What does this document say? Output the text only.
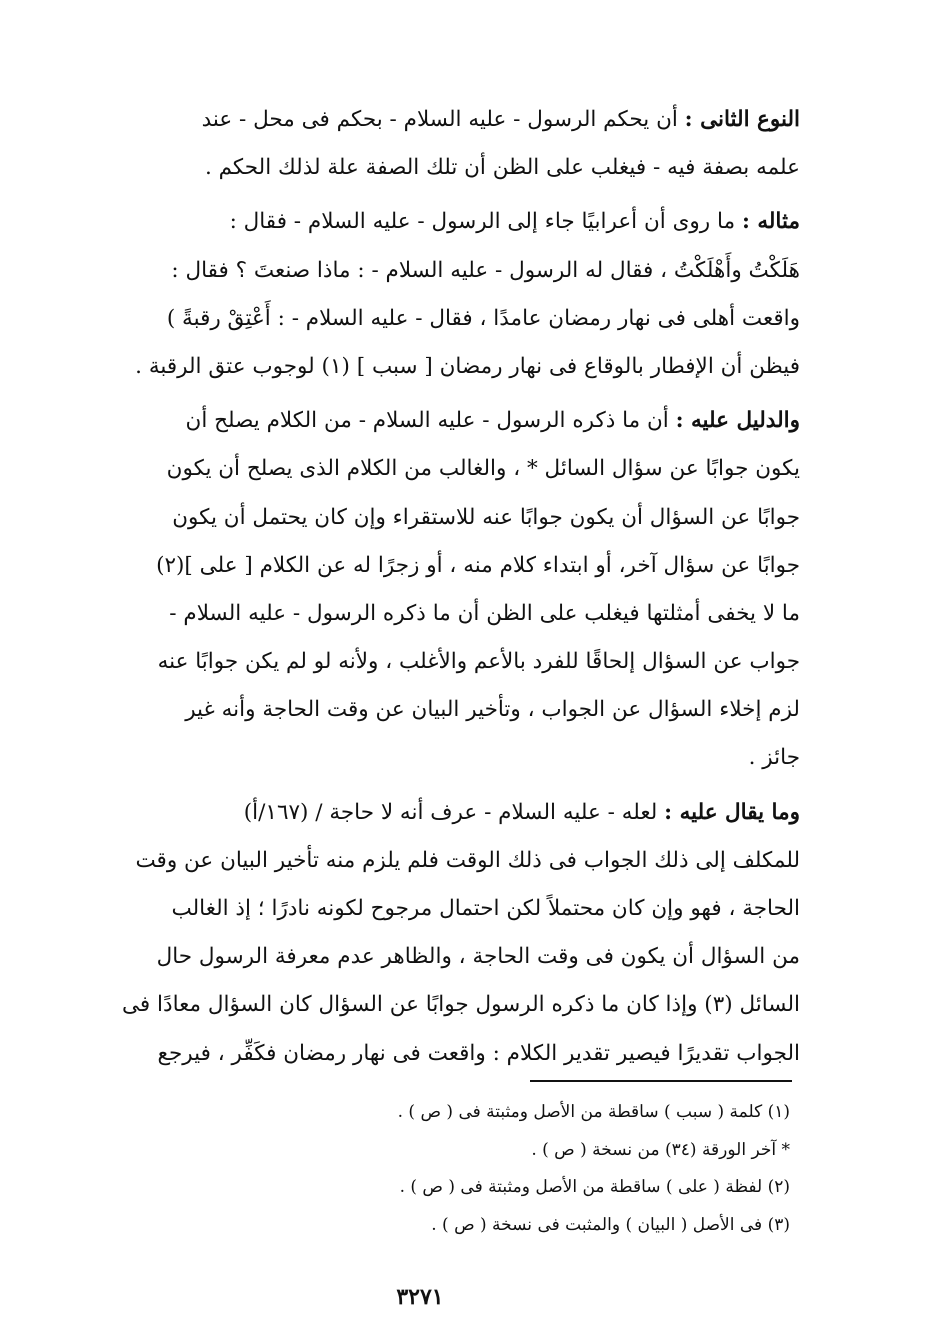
النوع الثانى : أن يحكم الرسول - عليه السلام - بحكم فى محل - عند
علمه بصفة فيه - فيغلب على الظن أن تلك الصفة علة لذلك الحكم .
مثاله : ما روى أن أعرابيًا جاء إلى الرسول - عليه السلام - فقال :
هَلَكْتُ وأَهْلَكْتُ ، فقال له الرسول - عليه السلام - : ماذا صنعتَ ؟ فقال :
واقعت أهلى فى نهار رمضان عامدًا ، فقال - عليه السلام - : أَعْتِقْ رقبةً )
فيظن أن الإفطار بالوقاع فى نهار رمضان [ سبب ] (١) لوجوب عتق الرقبة .
والدليل عليه : أن ما ذكره الرسول - عليه السلام - من الكلام يصلح أن
يكون جوابًا عن سؤال السائل * ، والغالب من الكلام الذى يصلح أن يكون
جوابًا عن السؤال أن يكون جوابًا عنه للاستقراء وإن كان يحتمل أن يكون
جوابًا عن سؤال آخر، أو ابتداء كلام منه ، أو زجرًا له عن الكلام [ على ](٢)
ما لا يخفى أمثلتها فيغلب على الظن أن ما ذكره الرسول - عليه السلام -
جواب عن السؤال إلحاقًا للفرد بالأعم والأغلب ، ولأنه لو لم يكن جوابًا عنه
لزم إخلاء السؤال عن الجواب ، وتأخير البيان عن وقت الحاجة وأنه غير
جائز .
وما يقال عليه : لعله - عليه السلام - عرف أنه لا حاجة / (١٦٧/أ)
للمكلف إلى ذلك الجواب فى ذلك الوقت فلم يلزم منه تأخير البيان عن وقت
الحاجة ، فهو وإن كان محتملاً لكن احتمال مرجوح لكونه نادرًا ؛ إذ الغالب
من السؤال أن يكون فى وقت الحاجة ، والظاهر عدم معرفة الرسول حال
السائل (٣) وإذا كان ما ذكره الرسول جوابًا عن السؤال كان السؤال معادًا فى
الجواب تقديرًا فيصير تقدير الكلام : واقعت فى نهار رمضان فكَفِّر ، فيرجع
(١) كلمة ( سبب ) ساقطة من الأصل ومثبتة فى ( ص ) .
* آخر الورقة (٣٤) من نسخة ( ص ) .
(٢) لفظة ( على ) ساقطة من الأصل ومثبتة فى ( ص ) .
(٣) فى الأصل ( البيان ) والمثبت فى نسخة ( ص ) .
٣٢٧١
